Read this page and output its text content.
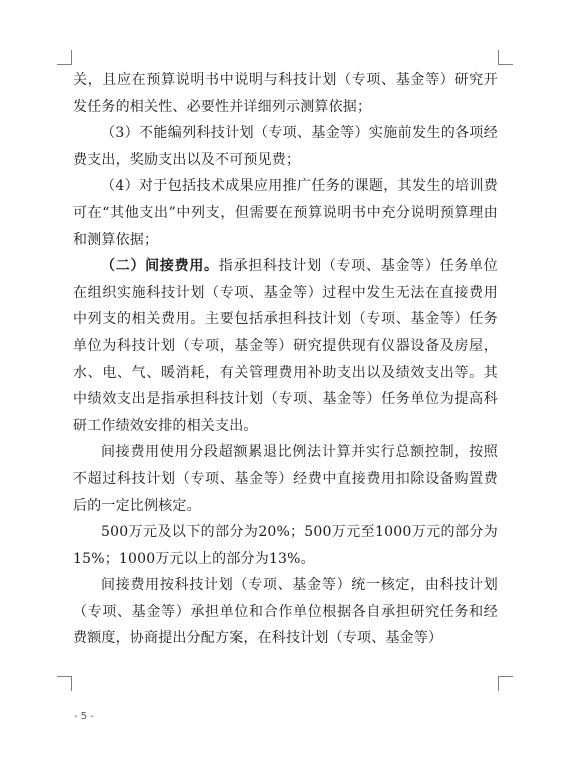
关，且应在预算说明书中说明与科技计划（专项、基金等）研究开发任务的相关性、必要性并详细列示测算依据；

（3）不能编列科技计划（专项、基金等）实施前发生的各项经费支出，奖励支出以及不可预见费；

（4）对于包括技术成果应用推广任务的课题，其发生的培训费可在“其他支出”中列支，但需要在预算说明书中充分说明预算理由和测算依据；

（二）间接费用。指承担科技计划（专项、基金等）任务单位在组织实施科技计划（专项、基金等）过程中发生无法在直接费用中列支的相关费用。主要包括承担科技计划（专项、基金等）任务单位为科技计划（专项，基金等）研究提供现有仪器设备及房屋，水、电、气、暖消耗，有关管理费用补助支出以及绩效支出等。其中绩效支出是指承担科技计划（专项、基金等）任务单位为提高科研工作绩效安排的相关支出。

间接费用使用分段超额累退比例法计算并实行总额控制，按照不超过科技计划（专项、基金等）经费中直接费用扣除设备购置费后的一定比例核定。

500万元及以下的部分为20%；500万元至1000万元的部分为15%；1000万元以上的部分为13%。

间接费用按科技计划（专项、基金等）统一核定，由科技计划（专项、基金等）承担单位和合作单位根据各自承担研究任务和经费额度，协商提出分配方案，在科技计划（专项、基金等）

- 5 -
